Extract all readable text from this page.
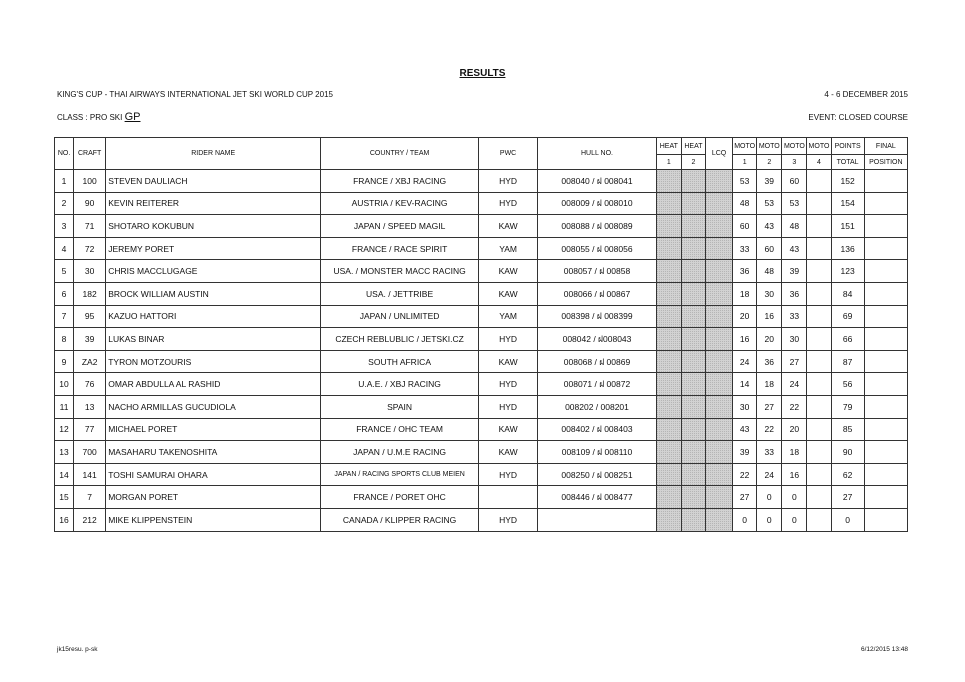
RESULTS
KING'S CUP - THAI AIRWAYS INTERNATIONAL JET SKI WORLD CUP 2015	4 - 6 DECEMBER 2015
CLASS : PRO SKI GP	EVENT: CLOSED COURSE
NO.	CRAFT	RIDER NAME	COUNTRY / TEAM	PWC	HULL NO.	HEAT	HEAT	LCQ	MOTO	MOTO	MOTO	MOTO	POINTS	FINAL
						1	2		1	2	3	4	TOTAL	POSITION
1	100	STEVEN DAULIACH	FRANCE / XBJ RACING	HYD	008040 / ฝ 008041				53	39	60		152	
2	90	KEVIN REITERER	AUSTRIA / KEV-RACING	HYD	008009 / ฝ 008010				48	53	53		154	
3	71	SHOTARO KOKUBUN	JAPAN / SPEED MAGIL	KAW	008088 / ฝ 008089				60	43	48		151	
4	72	JEREMY PORET	FRANCE / RACE SPIRIT	YAM	008055 / ฝ 008056				33	60	43		136	
5	30	CHRIS MACCLUGAGE	USA. / MONSTER MACC RACING	KAW	008057 / ฝ 00858				36	48	39		123	
6	182	BROCK WILLIAM AUSTIN	USA. / JETTRIBE	KAW	008066 / ฝ 00867				18	30	36		84	
7	95	KAZUO HATTORI	JAPAN / UNLIMITED	YAM	008398 / ฝ 008399				20	16	33		69	
8	39	LUKAS BINAR	CZECH REBLUBLIC / JETSKI.CZ	HYD	008042 / ฝ008043				16	20	30		66	
9	ZA2	TYRON MOTZOURIS	SOUTH AFRICA	KAW	008068 / ฝ 00869				24	36	27		87	
10	76	OMAR ABDULLA AL RASHID	U.A.E. / XBJ RACING	HYD	008071 / ฝ 00872				14	18	24		56	
11	13	NACHO ARMILLAS GUCUDIOLA	SPAIN	HYD	008202 / 008201				30	27	22		79	
12	77	MICHAEL PORET	FRANCE / OHC TEAM	KAW	008402 / ฝ 008403				43	22	20		85	
13	700	MASAHARU TAKENOSHITA	JAPAN / U.M.E RACING	KAW	008109 / ฝ 008110				39	33	18		90	
14	141	TOSHI SAMURAI OHARA	JAPAN / RACING SPORTS CLUB MEIEN	HYD	008250 / ฝ 008251				22	24	16		62	
15	7	MORGAN PORET	FRANCE / PORET OHC		008446 / ฝ 008477				27	0	0		27	
16	212	MIKE KLIPPENSTEIN	CANADA / KLIPPER RACING	HYD					0	0	0		0	
jk15resu. p-sk	6/12/2015 13:48
